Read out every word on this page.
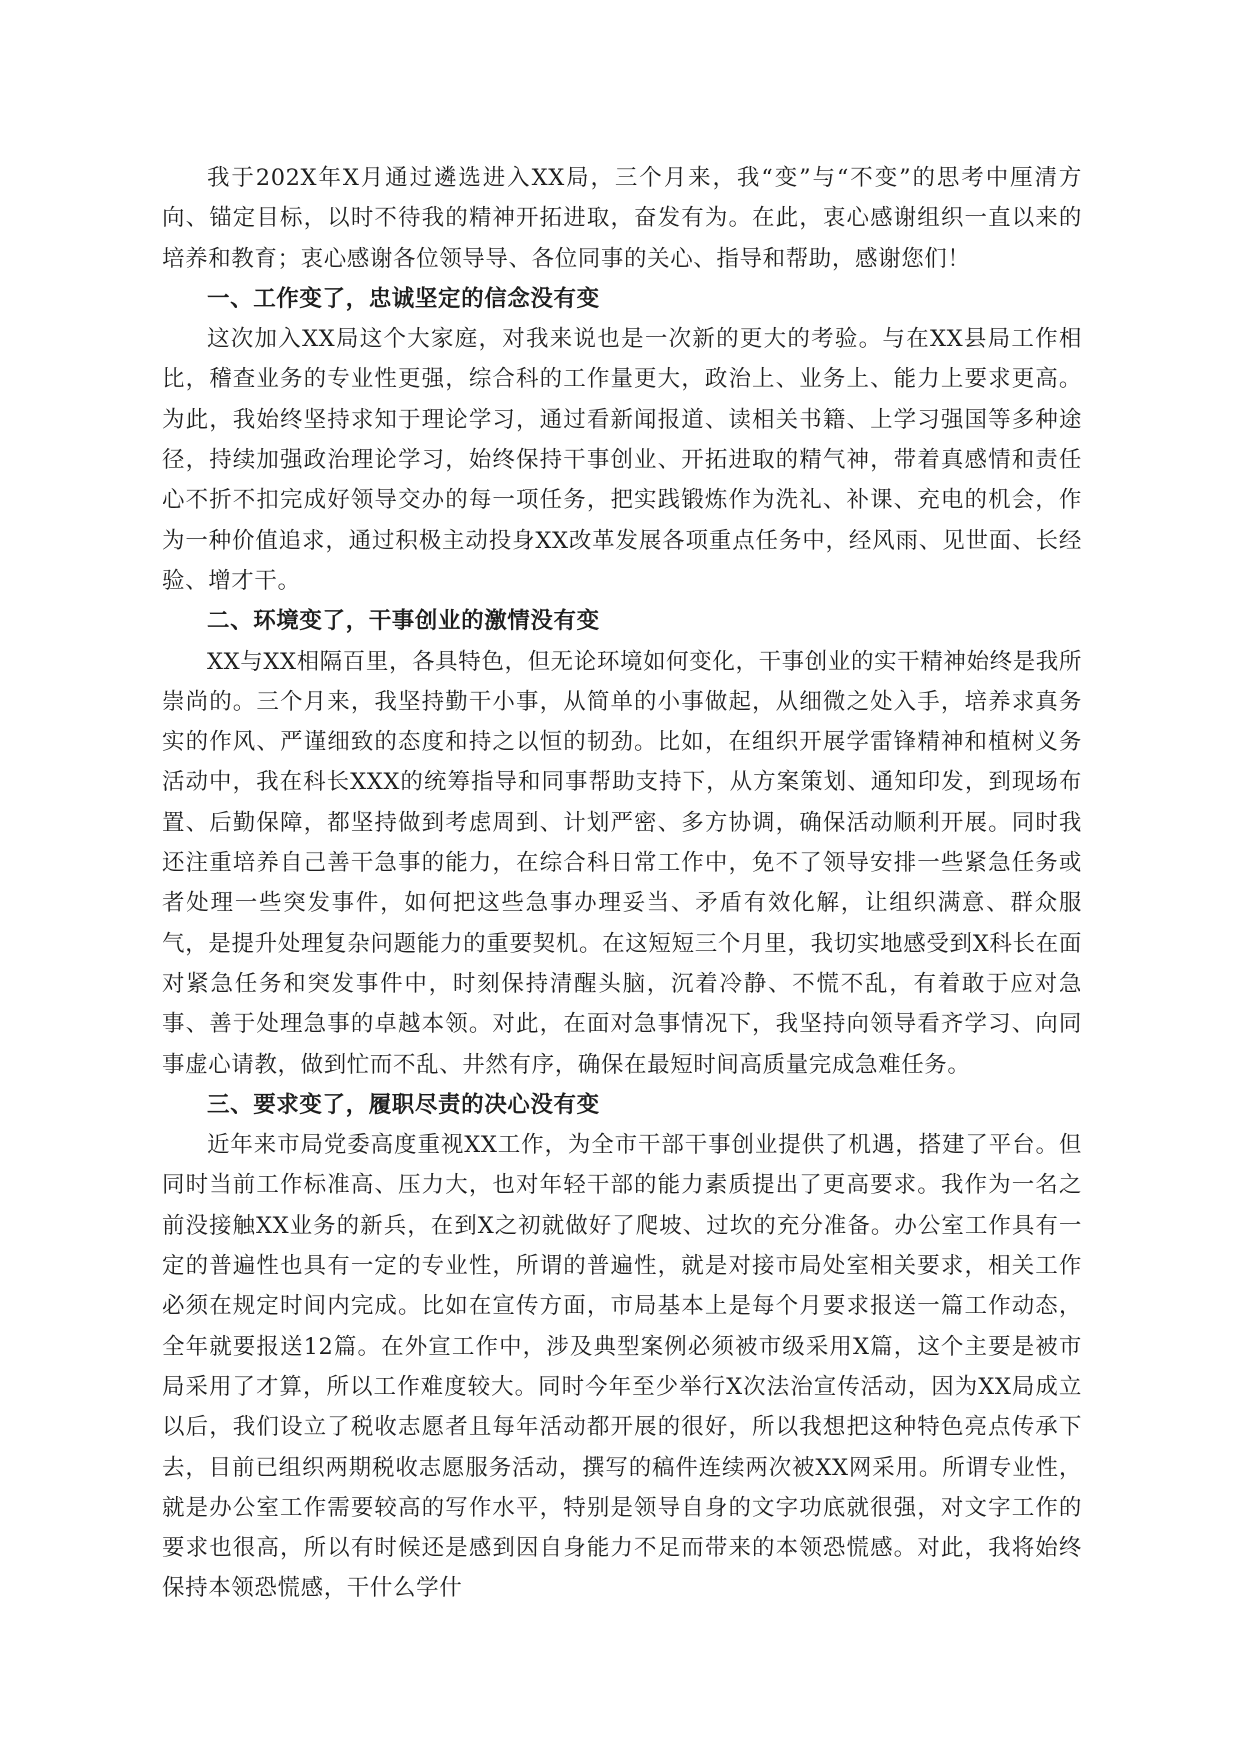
我于202X年X月通过遴选进入XX局，三个月来，我“变”与“不变”的思考中厘清方向、锚定目标，以时不待我的精神开拓进取，奋发有为。在此，衷心感谢组织一直以来的培养和教育；衷心感谢各位领导导、各位同事的关心、指导和帮助，感谢您们！

一、工作变了，忠诚坚定的信念没有变

这次加入XX局这个大家庭，对我来说也是一次新的更大的考验。与在XX县局工作相比，稽查业务的专业性更强，综合科的工作量更大，政治上、业务上、能力上要求更高。为此，我始终坚持求知于理论学习，通过看新闻报道、读相关书籍、上学习强国等多种途径，持续加强政治理论学习，始终保持干事创业、开拓进取的精气神，带着真感情和责任心不折不扣完成好领导交办的每一项任务，把实践锻炼作为洗礼、补课、充电的机会，作为一种价值追求，通过积极主动投身XX改革发展各项重点任务中，经风雨、见世面、长经验、增才干。

二、环境变了，干事创业的激情没有变

XX与XX相隔百里，各具特色，但无论环境如何变化，干事创业的实干精神始终是我所崇尚的。三个月来，我坚持勤干小事，从简单的小事做起，从细微之处入手，培养求真务实的作风、严谨细致的态度和持之以恒的韧劲。比如，在组织开展学雷锋精神和植树义务活动中，我在科长XXX的统筹指导和同事帮助支持下，从方案策划、通知印发，到现场布置、后勤保障，都坚持做到考虑周到、计划严密、多方协调，确保活动顺利开展。同时我还注重培养自己善干急事的能力，在综合科日常工作中，免不了领导安排一些紧急任务或者处理一些突发事件，如何把这些急事办理妥当、矛盾有效化解，让组织满意、群众服气，是提升处理复杂问题能力的重要契机。在这短短三个月里，我切实地感受到X科长在面对紧急任务和突发事件中，时刻保持清醒头脑，沉着冷静、不慌不乱，有着敢于应对急事、善于处理急事的卓越本领。对此，在面对急事情况下，我坚持向领导看齐学习、向同事虚心请教，做到忙而不乱、井然有序，确保在最短时间高质量完成急难任务。

三、要求变了，履职尽责的决心没有变

近年来市局党委高度重视XX工作，为全市干部干事创业提供了机遇，搭建了平台。但同时当前工作标准高、压力大，也对年轻干部的能力素质提出了更高要求。我作为一名之前没接触XX业务的新兵，在到X之初就做好了爬坡、过坎的充分准备。办公室工作具有一定的普遍性也具有一定的专业性，所谓的普遍性，就是对接市局处室相关要求，相关工作必须在规定时间内完成。比如在宣传方面，市局基本上是每个月要求报送一篇工作动态，全年就要报送12篇。在外宣工作中，涉及典型案例必须被市级采用X篇，这个主要是被市局采用了才算，所以工作难度较大。同时今年至少举行X次法治宣传活动，因为XX局成立以后，我们设立了税收志愿者且每年活动都开展的很好，所以我想把这种特色亮点传承下去，目前已组织两期税收志愿服务活动，撰写的稿件连续两次被XX网采用。所谓专业性，就是办公室工作需要较高的写作水平，特别是领导自身的文字功底就很强，对文字工作的要求也很高，所以有时候还是感到因自身能力不足而带来的本领恐慌感。对此，我将始终保持本领恐慌感，干什么学什
